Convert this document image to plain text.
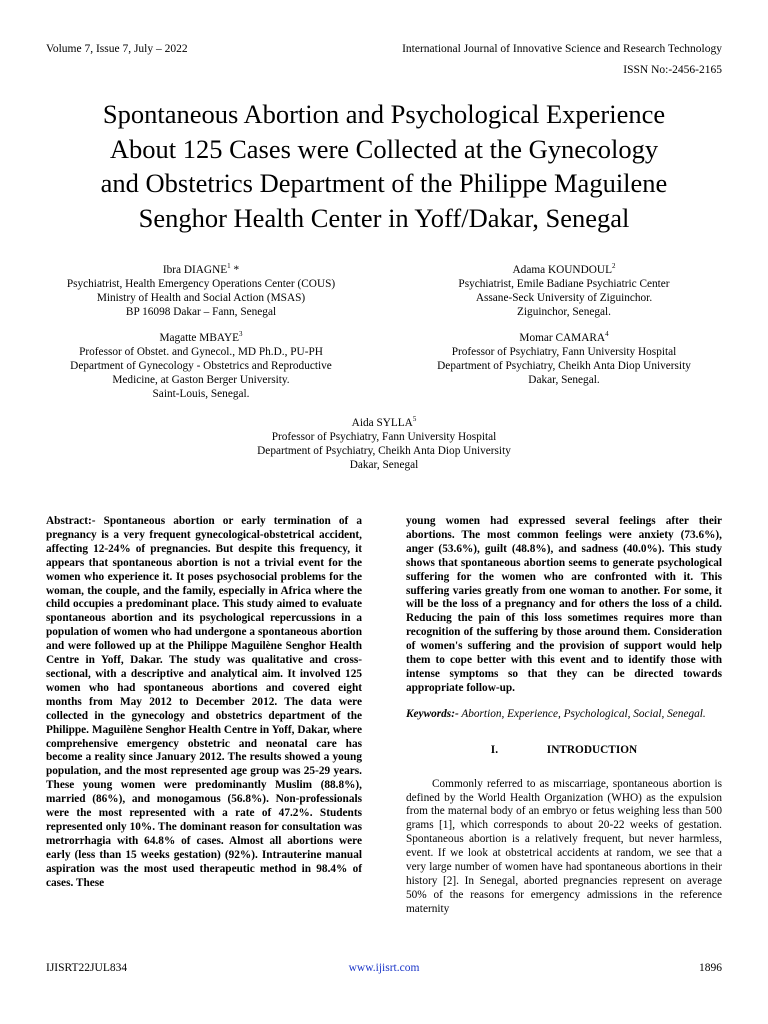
Volume 7, Issue 7, July – 2022	International Journal of Innovative Science and Research Technology
ISSN No:-2456-2165
Spontaneous Abortion and Psychological Experience
About 125 Cases were Collected at the Gynecology
and Obstetrics Department of the Philippe Maguilene
Senghor Health Center in Yoff/Dakar, Senegal
Ibra DIAGNE$^1$ *
Psychiatrist, Health Emergency Operations Center (COUS)
Ministry of Health and Social Action (MSAS)
BP 16098 Dakar – Fann, Senegal
Adama KOUNDOUL$^2$
Psychiatrist, Emile Badiane Psychiatric Center
Assane-Seck University of Ziguinchor.
Ziguinchor, Senegal.
Magatte MBAYE$^3$
Professor of Obstet. and Gynecol., MD Ph.D., PU-PH
Department of Gynecology - Obstetrics and Reproductive
Medicine, at Gaston Berger University.
Saint-Louis, Senegal.
Momar CAMARA$^4$
Professor of Psychiatry, Fann University Hospital
Department of Psychiatry, Cheikh Anta Diop University
Dakar, Senegal.
Aida SYLLA$^5$
Professor of Psychiatry, Fann University Hospital
Department of Psychiatry, Cheikh Anta Diop University
Dakar, Senegal

Abstract:- Spontaneous abortion or early termination of a pregnancy is a very frequent gynecological-obstetrical accident, affecting 12-24% of pregnancies. But despite this frequency, it appears that spontaneous abortion is not a trivial event for the women who experience it. It poses psychosocial problems for the woman, the couple, and the family, especially in Africa where the child occupies a predominant place. This study aimed to evaluate spontaneous abortion and its psychological repercussions in a population of women who had undergone a spontaneous abortion and were followed up at the Philippe Maguilène Senghor Health Centre in Yoff, Dakar. The study was qualitative and cross-sectional, with a descriptive and analytical aim. It involved 125 women who had spontaneous abortions and covered eight months from May 2012 to December 2012. The data were collected in the gynecology and obstetrics department of the Philippe. Maguilène Senghor Health Centre in Yoff, Dakar, where comprehensive emergency obstetric and neonatal care has become a reality since January 2012. The results showed a young population, and the most represented age group was 25-29 years. These young women were predominantly Muslim (88.8%), married (86%), and monogamous (56.8%). Non-professionals were the most represented with a rate of 47.2%. Students represented only 10%. The dominant reason for consultation was metrorrhagia with 64.8% of cases. Almost all abortions were early (less than 15 weeks gestation) (92%). Intrauterine manual aspiration was the most used therapeutic method in 98.4% of cases. These

young women had expressed several feelings after their abortions. The most common feelings were anxiety (73.6%), anger (53.6%), guilt (48.8%), and sadness (40.0%). This study shows that spontaneous abortion seems to generate psychological suffering for the women who are confronted with it. This suffering varies greatly from one woman to another. For some, it will be the loss of a pregnancy and for others the loss of a child. Reducing the pain of this loss sometimes requires more than recognition of the suffering by those around them. Consideration of women's suffering and the provision of support would help them to cope better with this event and to identify those with intense symptoms so that they can be directed towards appropriate follow-up.

Keywords:- Abortion, Experience, Psychological, Social, Senegal.

I.	INTRODUCTION

Commonly referred to as miscarriage, spontaneous abortion is defined by the World Health Organization (WHO) as the expulsion from the maternal body of an embryo or fetus weighing less than 500 grams [1], which corresponds to about 20-22 weeks of gestation. Spontaneous abortion is a relatively frequent, but never harmless, event. If we look at obstetrical accidents at random, we see that a very large number of women have had spontaneous abortions in their history [2]. In Senegal, aborted pregnancies represent on average 50% of the reasons for emergency admissions in the reference maternity

IJISRT22JUL834	www.ijisrt.com	1896
